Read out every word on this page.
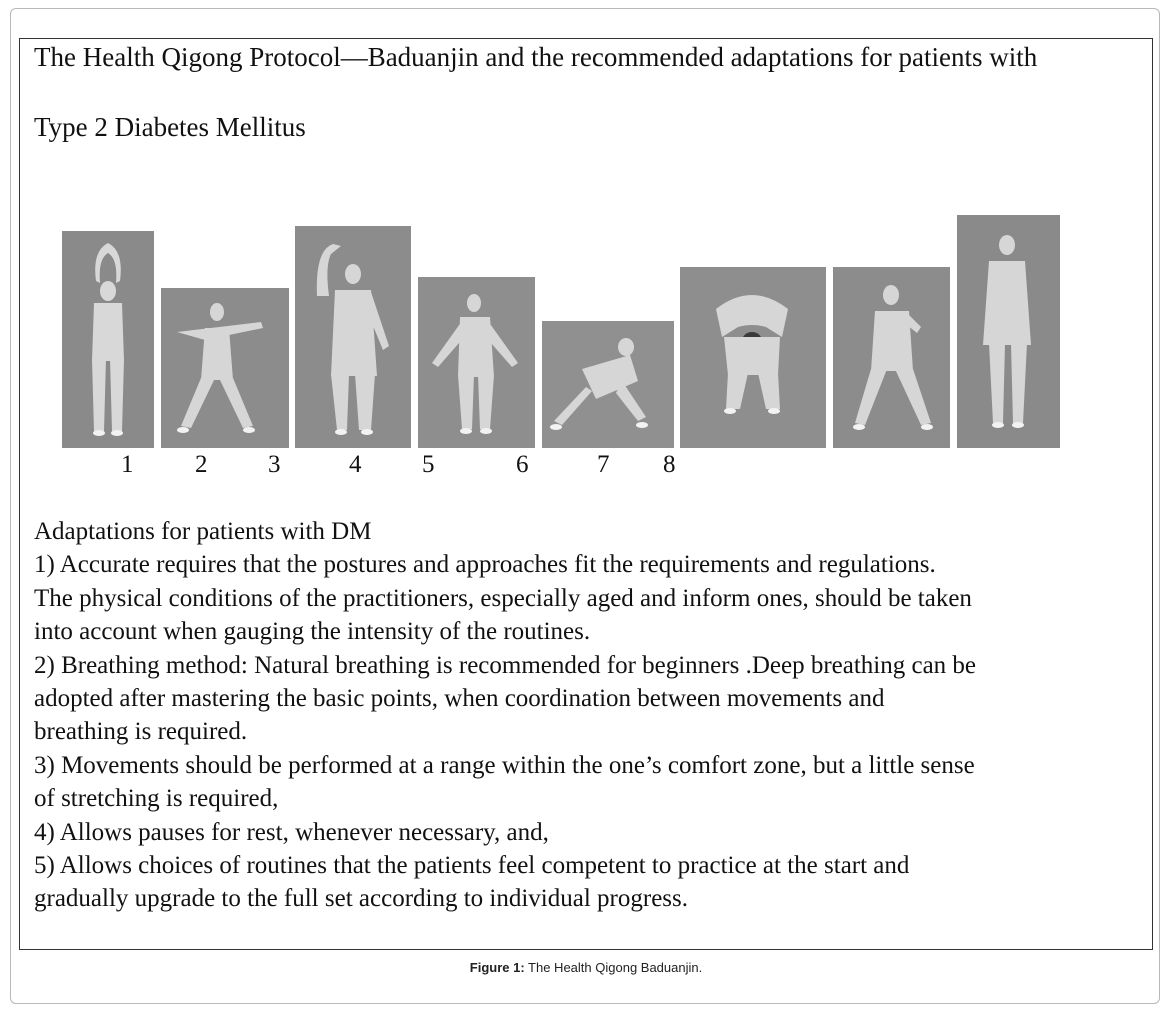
The Health Qigong Protocol—Baduanjin and the recommended adaptations for patients with
Type 2 Diabetes Mellitus
1 2 3	4 5	6	7 8
Adaptations for patients with DM
1) Accurate requires that the postures and approaches fit the requirements and regulations.
The physical conditions of the practitioners, especially aged and inform ones, should be taken
into account when gauging the intensity of the routines.
2) Breathing method: Natural breathing is recommended for beginners .Deep breathing can be
adopted after mastering the basic points, when coordination between movements and
breathing is required.
3) Movements should be performed at a range within the one’s comfort zone, but a little sense
of stretching is required,
4) Allows pauses for rest, whenever necessary, and,
5) Allows choices of routines that the patients feel competent to practice at the start and
gradually upgrade to the full set according to individual progress.
Figure 1: The Health Qigong Baduanjin.
